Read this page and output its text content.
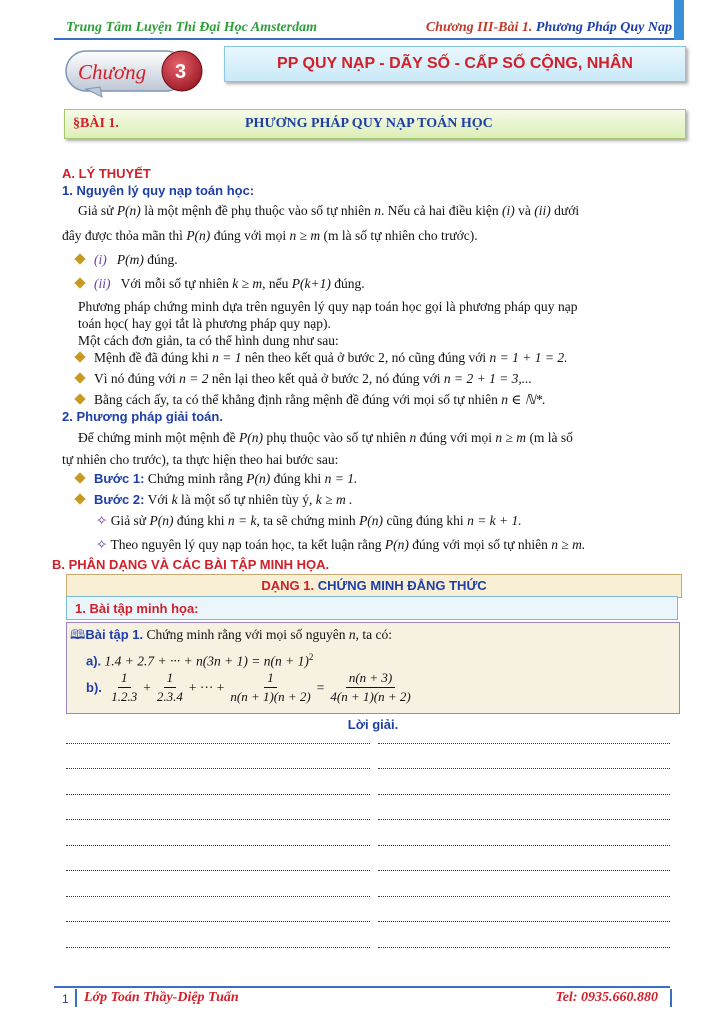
Trung Tâm Luyện Thi Đại Học Amsterdam	Chương III-Bài 1. Phương Pháp Quy Nạp
Chương 3	PP QUY NẠP - DÃY SỐ - CẤP SỐ CỘNG, NHÂN
§BÀI 1.	PHƯƠNG PHÁP QUY NẠP TOÁN HỌC
A. LÝ THUYẾT
1. Nguyên lý quy nạp toán học:
Giả sử P(n) là một mệnh đề phụ thuộc vào số tự nhiên n. Nếu cả hai điều kiện (i) và (ii) dưới
đây được thỏa mãn thì P(n) đúng với mọi n ≥ m (m là số tự nhiên cho trước).
(i) P(m) đúng.
(ii) Với mỗi số tự nhiên k ≥ m, nếu P(k+1) đúng.
Phương pháp chứng minh dựa trên nguyên lý quy nạp toán học gọi là phương pháp quy nạp
toán học( hay gọi tắt là phương pháp quy nạp).
Một cách đơn giản, ta có thể hình dung như sau:
Mệnh đề đã đúng khi n = 1 nên theo kết quả ở bước 2, nó cũng đúng với n = 1 + 1 = 2.
Vì nó đúng với n = 2 nên lại theo kết quả ở bước 2, nó đúng với n = 2 + 1 = 3,...
Bằng cách ấy, ta có thể khẳng định rằng mệnh đề đúng với mọi số tự nhiên n ∈ ℕ*.
2. Phương pháp giải toán.
Để chứng minh một mệnh đề P(n) phụ thuộc vào số tự nhiên n đúng với mọi n ≥ m (m là số
tự nhiên cho trước), ta thực hiện theo hai bước sau:
Bước 1: Chứng minh rằng P(n) đúng khi n = 1.
Bước 2: Với k là một số tự nhiên tùy ý, k ≥ m .
✧ Giả sử P(n) đúng khi n = k, ta sẽ chứng minh P(n) cũng đúng khi n = k + 1.
✧ Theo nguyên lý quy nạp toán học, ta kết luận rằng P(n) đúng với mọi số tự nhiên n ≥ m.
B. PHÂN DẠNG VÀ CÁC BÀI TẬP MINH HỌA.
DẠNG 1. CHỨNG MINH ĐẲNG THỨC
1. Bài tập minh họa:
🕮Bài tập 1. Chứng minh rằng với mọi số nguyên n, ta có:
a). 1.4 + 2.7 + ··· + $n(3n + 1) = n(n + 1)^2$
b).
$\frac{1}{1.2.3} + \frac{1}{2.3.4}$ + ··· + $\frac{1}{n(n + 1)(n + 2)} = \frac{n(n + 3)}{4(n + 1)(n + 2)}$
Lời giải.
1 Lớp Toán Thầy-Diệp Tuấn	Tel: 0935.660.880
